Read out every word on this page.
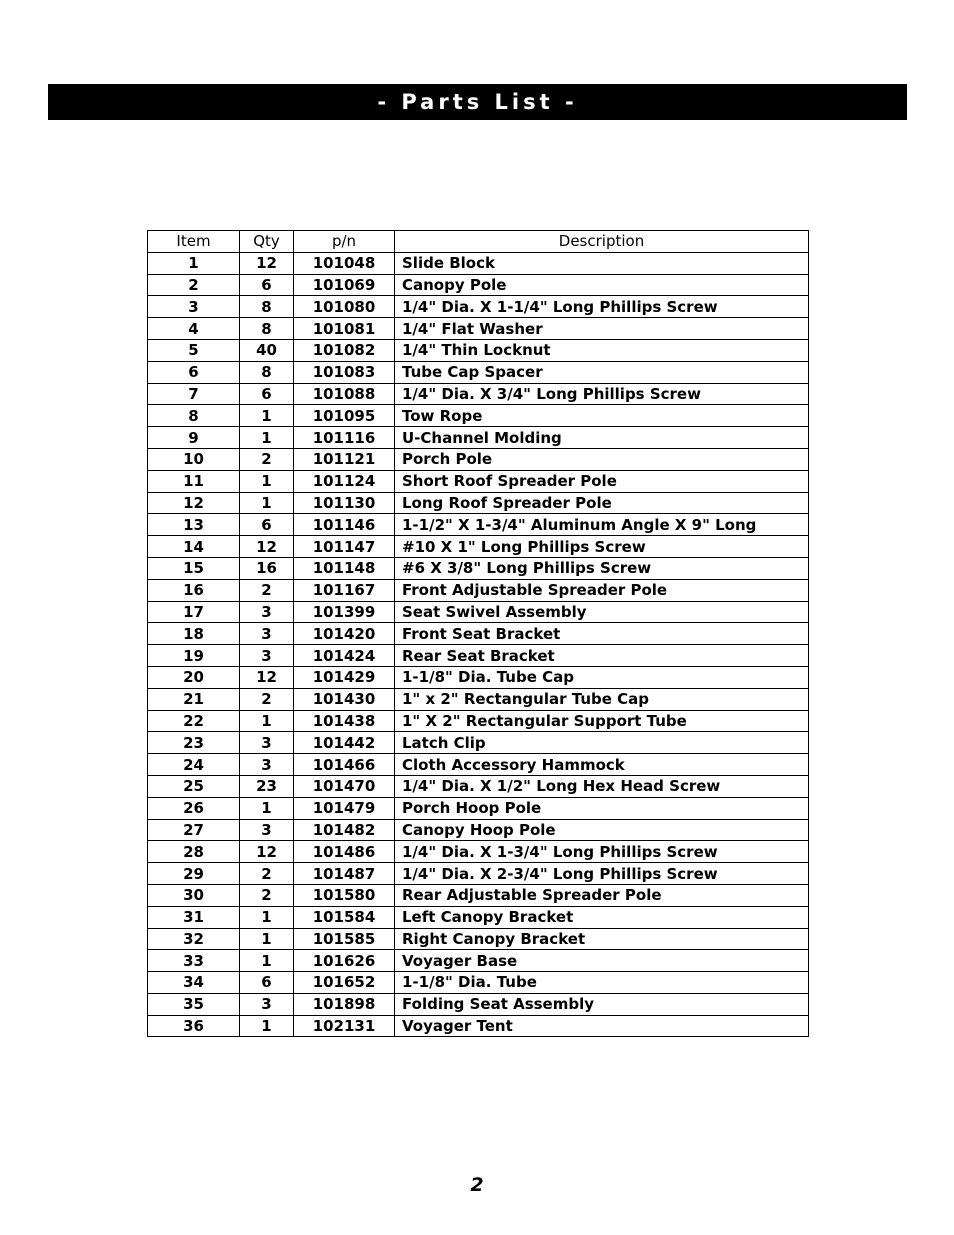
- Parts List -
Item	Qty	p/n	Description
1	12	101048	Slide Block
2	6	101069	Canopy Pole
3	8	101080	1/4" Dia. X 1-1/4" Long Phillips Screw
4	8	101081	1/4" Flat Washer
5	40	101082	1/4" Thin Locknut
6	8	101083	Tube Cap Spacer
7	6	101088	1/4" Dia. X 3/4" Long Phillips Screw
8	1	101095	Tow Rope
9	1	101116	U-Channel Molding
10	2	101121	Porch Pole
11	1	101124	Short Roof Spreader Pole
12	1	101130	Long Roof Spreader Pole
13	6	101146	1-1/2" X 1-3/4" Aluminum Angle X 9" Long
14	12	101147	#10 X 1" Long Phillips Screw
15	16	101148	#6 X 3/8" Long Phillips Screw
16	2	101167	Front Adjustable Spreader Pole
17	3	101399	Seat Swivel Assembly
18	3	101420	Front Seat Bracket
19	3	101424	Rear Seat Bracket
20	12	101429	1-1/8" Dia. Tube Cap
21	2	101430	1" x 2" Rectangular Tube Cap
22	1	101438	1" X 2" Rectangular Support Tube
23	3	101442	Latch Clip
24	3	101466	Cloth Accessory Hammock
25	23	101470	1/4" Dia. X 1/2" Long Hex Head Screw
26	1	101479	Porch Hoop Pole
27	3	101482	Canopy Hoop Pole
28	12	101486	1/4" Dia. X 1-3/4" Long Phillips Screw
29	2	101487	1/4" Dia. X 2-3/4" Long Phillips Screw
30	2	101580	Rear Adjustable Spreader Pole
31	1	101584	Left Canopy Bracket
32	1	101585	Right Canopy Bracket
33	1	101626	Voyager Base
34	6	101652	1-1/8" Dia. Tube
35	3	101898	Folding Seat Assembly
36	1	102131	Voyager Tent
2
